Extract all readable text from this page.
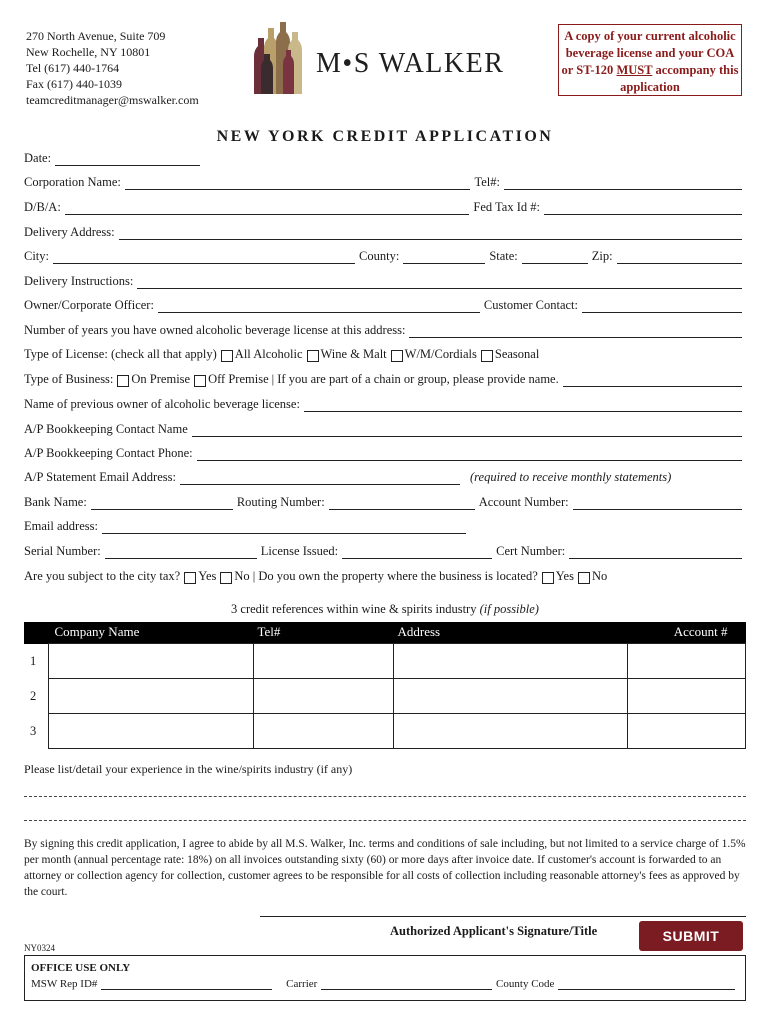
270 North Avenue, Suite 709
New Rochelle, NY 10801
Tel (617) 440-1764
Fax (617) 440-1039
teamcreditmanager@mswalker.com
M•S WALKER
A copy of your current alcoholic beverage license and your COA or ST-120 MUST accompany this application
NEW YORK CREDIT APPLICATION
Date:
Corporation Name:	Tel#:
D/B/A:	Fed Tax Id #:
Delivery Address:
City:	County:	State:	Zip:
Delivery Instructions:
Owner/Corporate Officer:	Customer Contact:
Number of years you have owned alcoholic beverage license at this address:
Type of License: (check all that apply) All Alcoholic Wine & Malt W/M/Cordials Seasonal
Type of Business: On Premise Off Premise | If you are part of a chain or group, please provide name.
Name of previous owner of alcoholic beverage license:
A/P Bookkeeping Contact Name
A/P Bookkeeping Contact Phone:
A/P Statement Email Address:	(required to receive monthly statements)
Bank Name:	Routing Number:	Account Number:
Email address:
Serial Number:	License Issued:	Cert Number:
Are you subject to the city tax? Yes No | Do you own the property where the business is located? Yes No
3 credit references within wine & spirits industry (if possible)
	Company Name	Tel#	Address	Account #
1				
2				
3				
Please list/detail your experience in the wine/spirits industry (if any)
By signing this credit application, I agree to abide by all M.S. Walker, Inc. terms and conditions of sale including, but not limited to a service charge of 1.5% per month (annual percentage rate: 18%) on all invoices outstanding sixty (60) or more days after invoice date. If customer's account is forwarded to an attorney or collection agency for collection, customer agrees to be responsible for all costs of collection including reasonable attorney's fees as approved by the court.
Authorized Applicant's Signature/Title	SUBMIT
NY0324
OFFICE USE ONLY
MSW Rep ID#	Carrier	County Code
